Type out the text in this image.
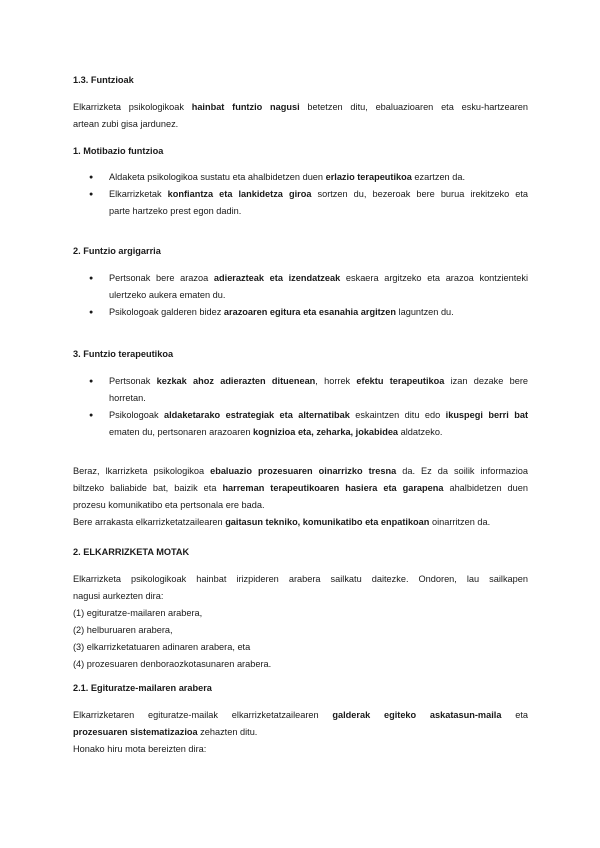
1.3. Funtzioak
Elkarrizketa psikologikoak hainbat funtzio nagusi betetzen ditu, ebaluazioaren eta esku-hartzearen
artean zubi gisa jardunez.
1. Motibazio funtzioa
● Aldaketa psikologikoa sustatu eta ahalbidetzen duen erlazio terapeutikoa ezartzen da.
● Elkarrizketak konfiantza eta lankidetza giroa sortzen du, bezeroak bere burua irekitzeko eta
parte hartzeko prest egon dadin.
2. Funtzio argigarria
● Pertsonak bere arazoa adierazteak eta izendatzeak eskaera argitzeko eta arazoa kontzienteki
ulertzeko aukera ematen du.
● Psikologoak galderen bidez arazoaren egitura eta esanahia argitzen laguntzen du.
3. Funtzio terapeutikoa
● Pertsonak kezkak ahoz adierazten dituenean, horrek efektu terapeutikoa izan dezake bere
horretan.
● Psikologoak aldaketarako estrategiak eta alternatibak eskaintzen ditu edo ikuspegi berri bat
ematen du, pertsonaren arazoaren kognizioa eta, zeharka, jokabidea aldatzeko.
Beraz, lkarrizketa psikologikoa ebaluazio prozesuaren oinarrizko tresna da. Ez da soilik informazioa
biltzeko baliabide bat, baizik eta harreman terapeutikoaren hasiera eta garapena ahalbidetzen duen
prozesu komunikatibo eta pertsonala ere bada.
Bere arrakasta elkarrizketatzailearen gaitasun tekniko, komunikatibo eta enpatikoan oinarritzen da.
2. ELKARRIZKETA MOTAK
Elkarrizketa psikologikoak hainbat irizpideren arabera sailkatu daitezke. Ondoren, lau sailkapen
nagusi aurkezten dira:
(1) egituratze-mailaren arabera,
(2) helburuaren arabera,
(3) elkarrizketatuaren adinaren arabera, eta
(4) prozesuaren denboraozkotasunaren arabera.
2.1. Egituratze-mailaren arabera
Elkarrizketaren egituratze-mailak elkarrizketatzailearen galderak egiteko askatasun-maila eta
prozesuaren sistematizazioa zehazten ditu.
Honako hiru mota bereizten dira:
